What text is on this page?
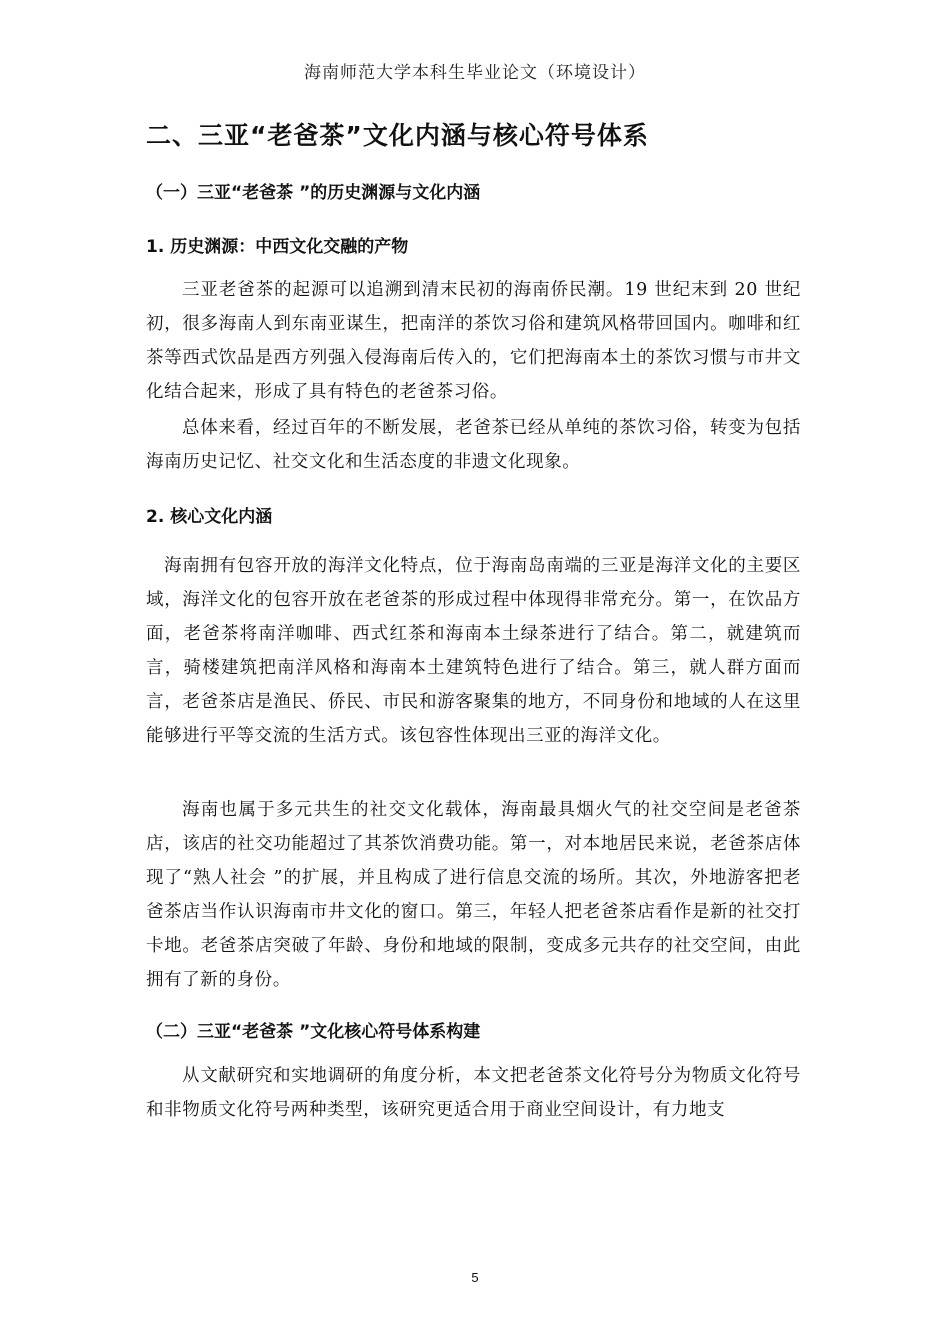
海南师范大学本科生毕业论文（环境设计）
二、三亚“老爸茶”文化内涵与核心符号体系
（一）三亚“老爸茶 ”的历史渊源与文化内涵
1. 历史渊源：中西文化交融的产物

三亚老爸茶的起源可以追溯到清末民初的海南侨民潮。19 世纪末到 20 世纪初，很多海南人到东南亚谋生，把南洋的茶饮习俗和建筑风格带回国内。咖啡和红茶等西式饮品是西方列强入侵海南后传入的，它们把海南本土的茶饮习惯与市井文化结合起来，形成了具有特色的老爸茶习俗。

总体来看，经过百年的不断发展，老爸茶已经从单纯的茶饮习俗，转变为包括海南历史记忆、社交文化和生活态度的非遗文化现象。

2. 核心文化内涵

海南拥有包容开放的海洋文化特点，位于海南岛南端的三亚是海洋文化的主要区域，海洋文化的包容开放在老爸茶的形成过程中体现得非常充分。第一，在饮品方面，老爸茶将南洋咖啡、西式红茶和海南本土绿茶进行了结合。第二，就建筑而言，骑楼建筑把南洋风格和海南本土建筑特色进行了结合。第三，就人群方面而言，老爸茶店是渔民、侨民、市民和游客聚集的地方，不同身份和地域的人在这里能够进行平等交流的生活方式。该包容性体现出三亚的海洋文化。

海南也属于多元共生的社交文化载体，海南最具烟火气的社交空间是老爸茶店，该店的社交功能超过了其茶饮消费功能。第一，对本地居民来说，老爸茶店体现了“熟人社会 ”的扩展，并且构成了进行信息交流的场所。其次，外地游客把老爸茶店当作认识海南市井文化的窗口。第三，年轻人把老爸茶店看作是新的社交打卡地。老爸茶店突破了年龄、身份和地域的限制，变成多元共存的社交空间，由此拥有了新的身份。

（二）三亚“老爸茶 ”文化核心符号体系构建

从文献研究和实地调研的角度分析，本文把老爸茶文化符号分为物质文化符号和非物质文化符号两种类型，该研究更适合用于商业空间设计，有力地支

5
